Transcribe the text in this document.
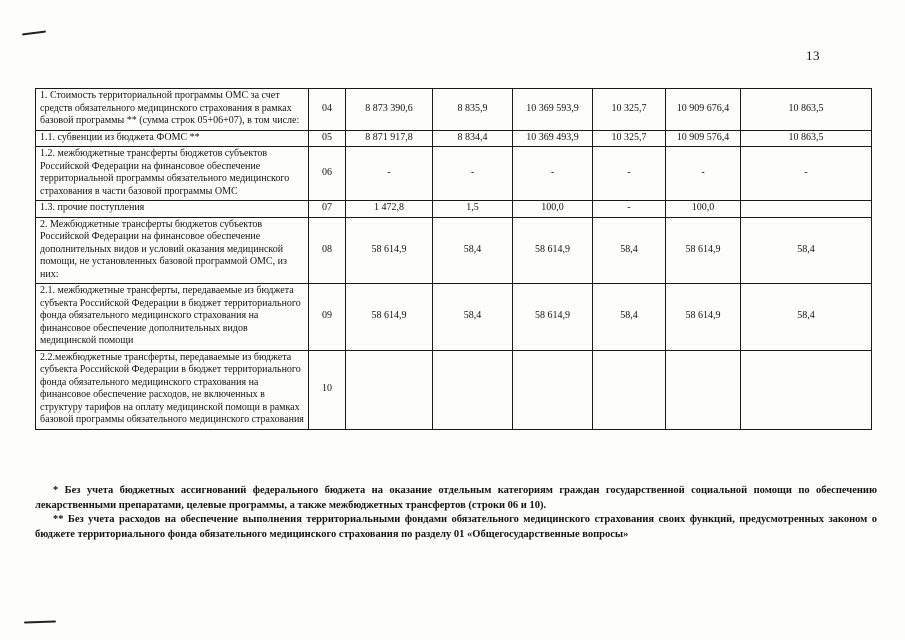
13
1. Стоимость территориальной программы ОМС за счет средств обязательного медицинского страхования в рамках базовой программы ** (сумма строк 05+06+07), в том числе:	04	8 873 390,6	8 835,9	10 369 593,9	10 325,7	10 909 676,4	10 863,5
1.1. субвенции из бюджета ФОМС **	05	8 871 917,8	8 834,4	10 369 493,9	10 325,7	10 909 576,4	10 863,5
1.2. межбюджетные трансферты бюджетов субъектов Российской Федерации на финансовое обеспечение территориальной программы обязательного медицинского страхования в части базовой программы ОМС	06	-	-	-	-	-	-
1.3. прочие поступления	07	1 472,8	1,5	100,0	-	100,0	
2. Межбюджетные трансферты бюджетов субъектов Российской Федерации на финансовое обеспечение дополнительных видов и условий оказания медицинской помощи, не установленных базовой программой ОМС, из них:	08	58 614,9	58,4	58 614,9	58,4	58 614,9	58,4
2.1. межбюджетные трансферты, передаваемые из бюджета субъекта Российской Федерации в бюджет территориального фонда обязательного медицинского страхования на финансовое обеспечение дополнительных видов медицинской помощи	09	58 614,9	58,4	58 614,9	58,4	58 614,9	58,4
2.2.межбюджетные трансферты, передаваемые из бюджета субъекта Российской Федерации в бюджет территориального фонда обязательного медицинского страхования на финансовое обеспечение расходов, не включенных в структуру тарифов на оплату медицинской помощи в рамках базовой программы обязательного медицинского страхования	10						

* Без учета бюджетных ассигнований федерального бюджета на оказание отдельным категориям граждан государственной социальной помощи по обеспечению лекарственными препаратами, целевые программы, а также межбюджетных трансфертов (строки 06 и 10).

** Без учета расходов на обеспечение выполнения территориальными фондами обязательного медицинского страхования своих функций, предусмотренных законом о бюджете территориального фонда обязательного медицинского страхования по разделу 01 «Общегосударственные вопросы»
